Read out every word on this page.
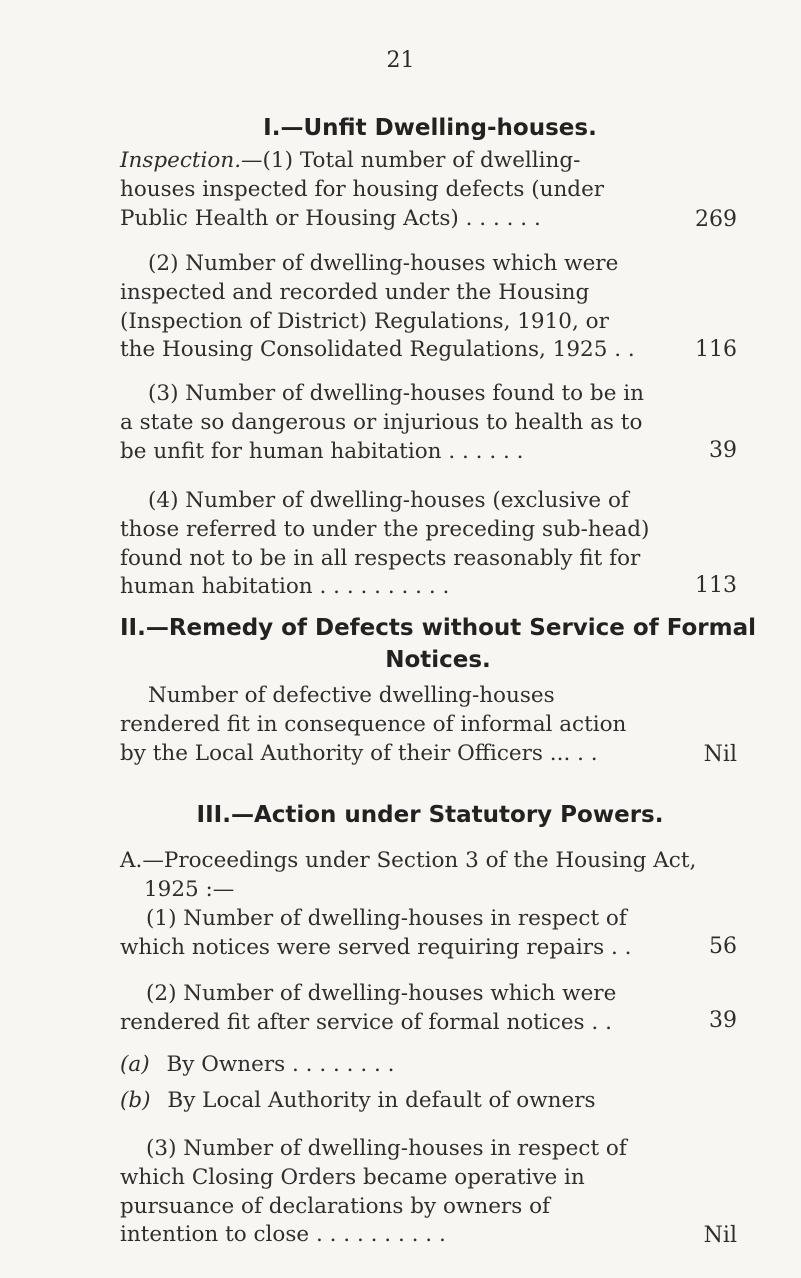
21
I.—Unfit Dwelling-houses.
Inspection.—(1) Total number of dwelling-houses inspected for housing defects (under Public Health or Housing Acts) . . . . . .	269
(2) Number of dwelling-houses which were inspected and recorded under the Housing (Inspection of District) Regulations, 1910, or the Housing Consolidated Regulations, 1925 . .	116
(3) Number of dwelling-houses found to be in a state so dangerous or injurious to health as to be unfit for human habitation . . . . . .	39
(4) Number of dwelling-houses (exclusive of those referred to under the preceding sub-head) found not to be in all respects reasonably fit for human habitation . . . . . . . . . .	113
II.—Remedy of Defects without Service of Formal Notices.
Number of defective dwelling-houses rendered fit in consequence of informal action by the Local Authority of their Officers ... . .	Nil
III.—Action under Statutory Powers.
A.—Proceedings under Section 3 of the Housing Act, 1925 :—
(1) Number of dwelling-houses in respect of which notices were served requiring repairs . .	56
(2) Number of dwelling-houses which were rendered fit after service of formal notices . .	39
(a) By Owners . . . . . . . .
(b) By Local Authority in default of owners
(3) Number of dwelling-houses in respect of which Closing Orders became operative in pursuance of declarations by owners of intention to close . . . . . . . . . .	Nil
